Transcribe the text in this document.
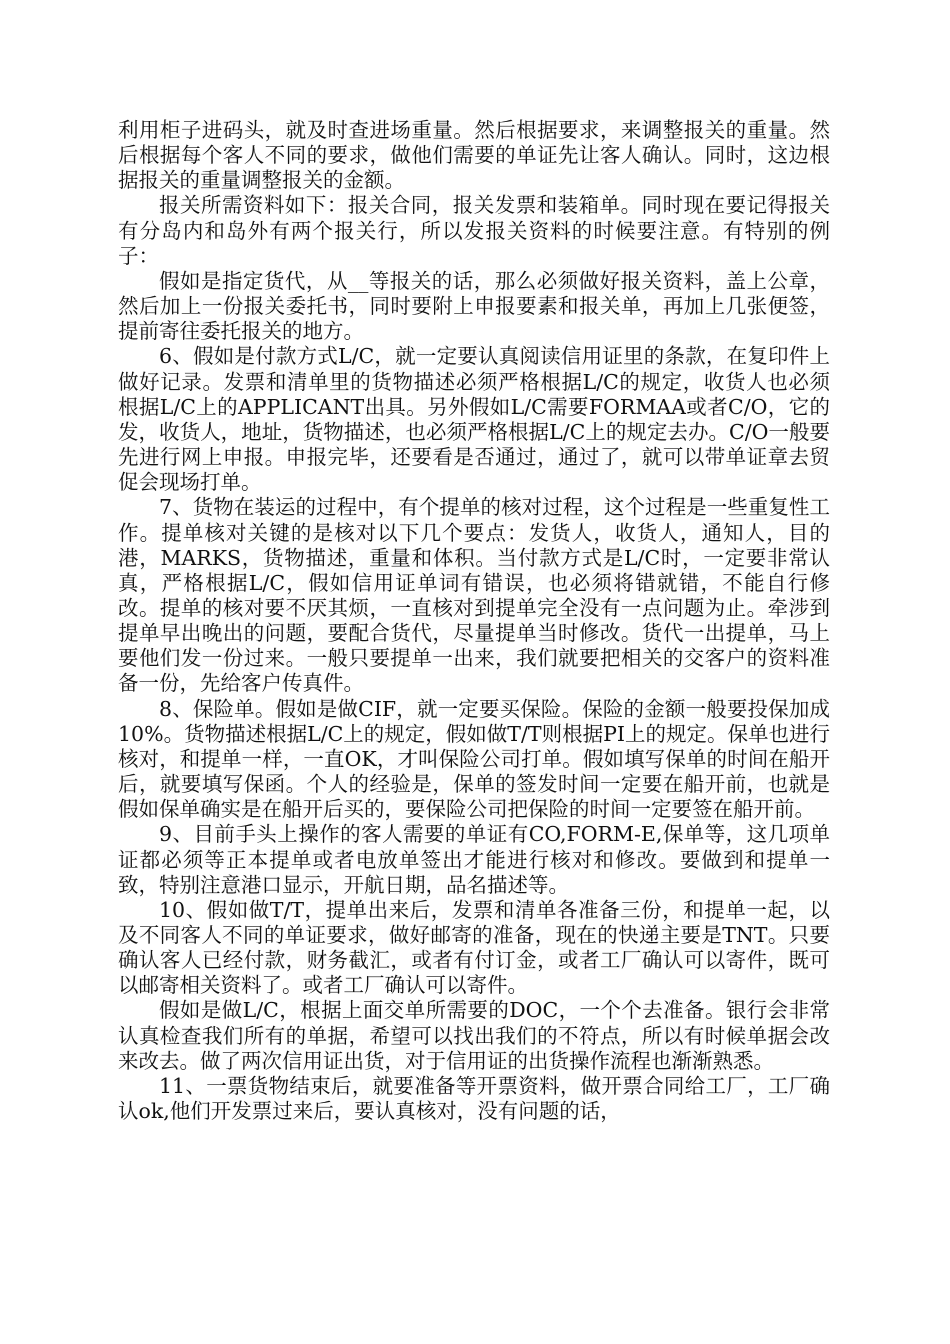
利用柜子进码头，就及时查进场重量。然后根据要求，来调整报关的重量。然后根据每个客人不同的要求，做他们需要的单证先让客人确认。同时，这边根据报关的重量调整报关的金额。

报关所需资料如下：报关合同，报关发票和装箱单。同时现在要记得报关有分岛内和岛外有两个报关行，所以发报关资料的时候要注意。有特别的例子：

假如是指定货代，从__等报关的话，那么必须做好报关资料，盖上公章，然后加上一份报关委托书，同时要附上申报要素和报关单，再加上几张便签，提前寄往委托报关的地方。

6、假如是付款方式L/C，就一定要认真阅读信用证里的条款，在复印件上做好记录。发票和清单里的货物描述必须严格根据L/C的规定，收货人也必须根据L/C上的APPLICANT出具。另外假如L/C需要FORMAA或者C/O，它的发，收货人，地址，货物描述，也必须严格根据L/C上的规定去办。C/O一般要先进行网上申报。申报完毕，还要看是否通过，通过了，就可以带单证章去贸促会现场打单。

7、货物在装运的过程中，有个提单的核对过程，这个过程是一些重复性工作。提单核对关键的是核对以下几个要点：发货人，收货人，通知人，目的港，MARKS，货物描述，重量和体积。当付款方式是L/C时，一定要非常认真，严格根据L/C，假如信用证单词有错误，也必须将错就错，不能自行修改。提单的核对要不厌其烦，一直核对到提单完全没有一点问题为止。牵涉到提单早出晚出的问题，要配合货代，尽量提单当时修改。货代一出提单，马上要他们发一份过来。一般只要提单一出来，我们就要把相关的交客户的资料准备一份，先给客户传真件。

8、保险单。假如是做CIF，就一定要买保险。保险的金额一般要投保加成10%。货物描述根据L/C上的规定，假如做T/T则根据PI上的规定。保单也进行核对，和提单一样，一直OK，才叫保险公司打单。假如填写保单的时间在船开后，就要填写保函。个人的经验是，保单的签发时间一定要在船开前，也就是假如保单确实是在船开后买的，要保险公司把保险的时间一定要签在船开前。

9、目前手头上操作的客人需要的单证有CO,FORM-E,保单等，这几项单证都必须等正本提单或者电放单签出才能进行核对和修改。要做到和提单一致，特别注意港口显示，开航日期，品名描述等。

10、假如做T/T，提单出来后，发票和清单各准备三份，和提单一起，以及不同客人不同的单证要求，做好邮寄的准备，现在的快递主要是TNT。只要确认客人已经付款，财务截汇，或者有付订金，或者工厂确认可以寄件，既可以邮寄相关资料了。或者工厂确认可以寄件。

假如是做L/C，根据上面交单所需要的DOC，一个个去准备。银行会非常认真检查我们所有的单据，希望可以找出我们的不符点，所以有时候单据会改来改去。做了两次信用证出货，对于信用证的出货操作流程也渐渐熟悉。

11、一票货物结束后，就要准备等开票资料，做开票合同给工厂，工厂确认ok,他们开发票过来后，要认真核对，没有问题的话，
